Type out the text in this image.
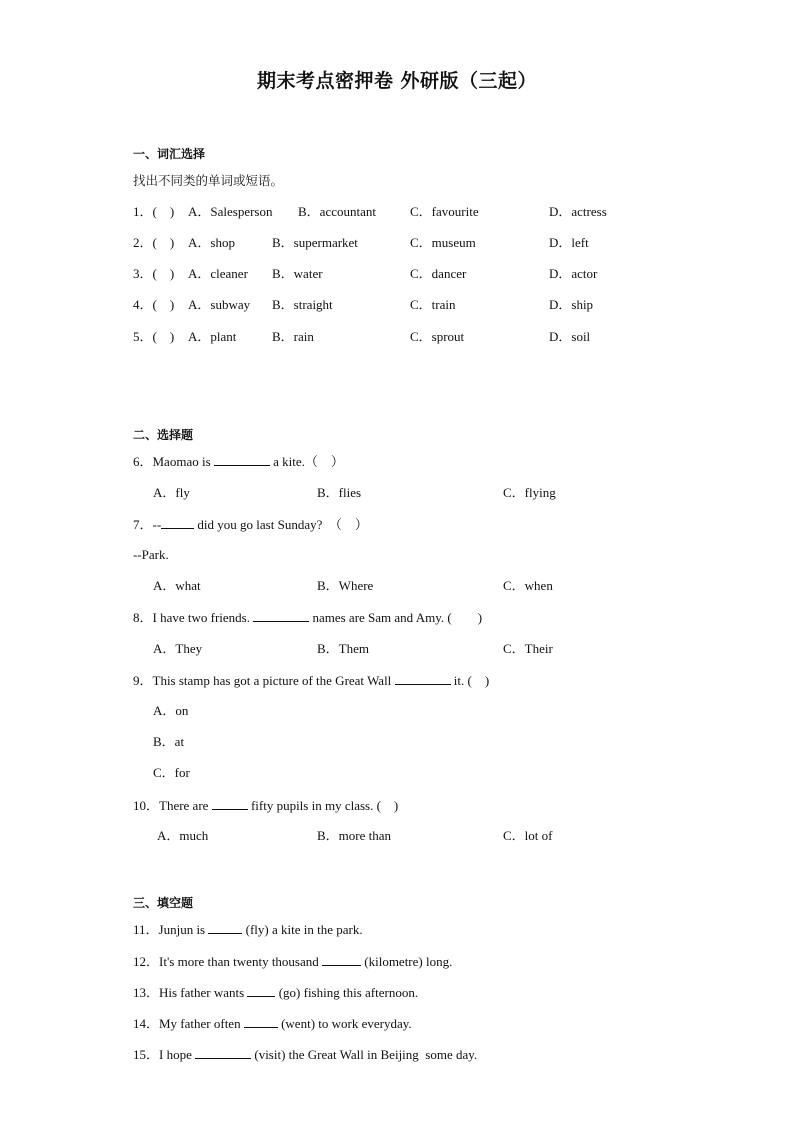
期末考点密押卷 外研版（三起）
一、词汇选择
找出不同类的单词或短语。
1．(    ) A．Salesperson B．accountant	C．favourite	D．actress
2．(    ) A．shop	B．supermarket	C．museum	D．left
3．(    ) A．cleaner B．water	C．dancer	D．actor
4．(    ) A．subway B．straight	C．train	D．ship
5．(    ) A．plant	B．rain	C．sprout	D．soil
二、选择题
6．Maomao is	a kite.（    ）
A．fly	B．flies	C．flying
7．--	did you go last Sunday?  （    ）
--Park.
A．what	B．Where	C．when
8．I have two friends.	names are Sam and Amy. (        )
A．They	B．Them	C．Their
9．This stamp has got a picture of the Great Wall	it. (    )
A．on
B．at
C．for
10．There are	fifty pupils in my class. (    )
A．much	B．more than	C．lot of
三、填空题
11．Junjun is	(fly) a kite in the park.
12．It's more than twenty thousand	(kilometre) long.
13．His father wants  (go) fishing this afternoon.
14．My father often	(went) to work everyday.
15．I hope	(visit) the Great Wall in Beijing  some day.
